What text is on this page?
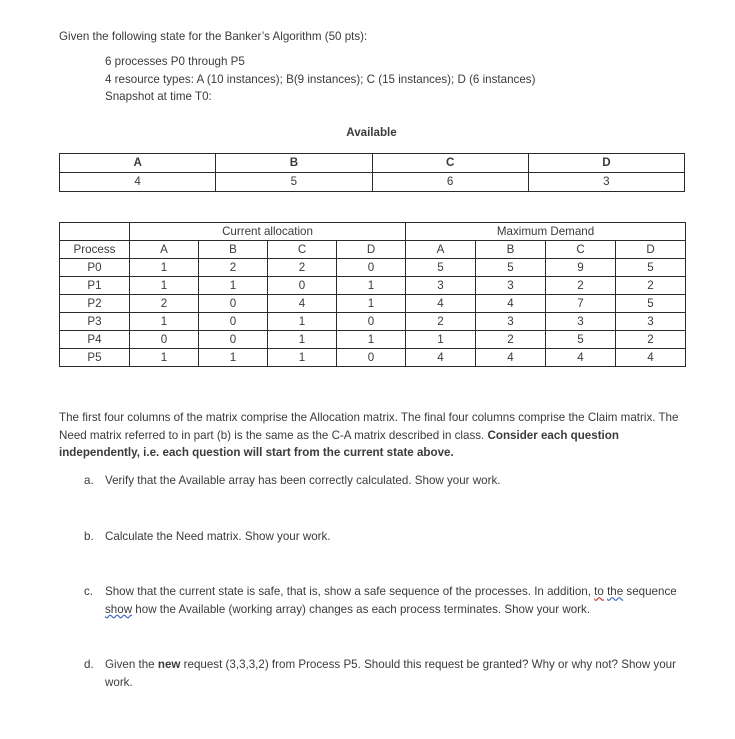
Given the following state for the Banker’s Algorithm (50 pts):
6 processes P0 through P5
4 resource types: A (10 instances); B(9 instances); C (15 instances); D (6 instances)
Snapshot at time T0:
Available
A	B	C	D
4	5	6	3
	Current allocation				Maximum Demand			
Process	A	B	C	D	A	B	C	D
P0	1	2	2	0	5	5	9	5
P1	1	1	0	1	3	3	2	2
P2	2	0	4	1	4	4	7	5
P3	1	0	1	0	2	3	3	3
P4	0	0	1	1	1	2	5	2
P5	1	1	1	0	4	4	4	4
The first four columns of the matrix comprise the Allocation matrix. The final four columns comprise the Claim matrix. The Need matrix referred to in part (b) is the same as the C-A matrix described in class. Consider each question independently, i.e. each question will start from the current state above.
a. Verify that the Available array has been correctly calculated. Show your work.
b. Calculate the Need matrix. Show your work.
c.	Show that the current state is safe, that is, show a safe sequence of the processes. In addition, to the sequence show how the Available (working array) changes as each process terminates. Show your work.
d. Given the new request (3,3,3,2) from Process P5. Should this request be granted? Why or why not? Show your work.
